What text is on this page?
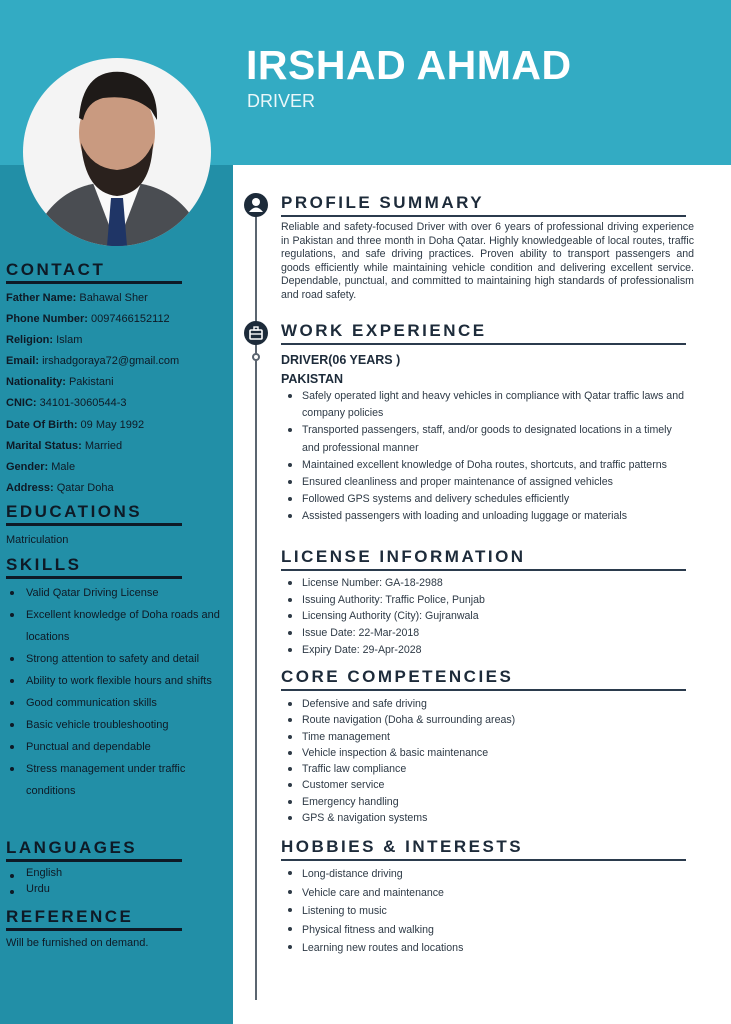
IRSHAD AHMAD
DRIVER
CONTACT
Father Name: Bahawal Sher
Phone Number: 0097466152112
Religion: Islam
Email: irshadgoraya72@gmail.com
Nationality: Pakistani
CNIC: 34101-3060544-3
Date Of Birth: 09 May 1992
Marital Status: Married
Gender: Male
Address: Qatar Doha
EDUCATIONS
Matriculation
SKILLS
Valid Qatar Driving License
Excellent knowledge of Doha roads and locations
Strong attention to safety and detail
Ability to work flexible hours and shifts
Good communication skills
Basic vehicle troubleshooting
Punctual and dependable
Stress management under traffic conditions
LANGUAGES
English
Urdu
REFERENCE
Will be furnished on demand.
PROFILE SUMMARY
Reliable and safety-focused Driver with over 6 years of professional driving experience in Pakistan and three month in Doha Qatar. Highly knowledgeable of local routes, traffic regulations, and safe driving practices. Proven ability to transport passengers and goods efficiently while maintaining vehicle condition and delivering excellent service. Dependable, punctual, and committed to maintaining high standards of professionalism and road safety.
WORK EXPERIENCE
DRIVER(06 YEARS )
PAKISTAN
Safely operated light and heavy vehicles in compliance with Qatar traffic laws and company policies
Transported passengers, staff, and/or goods to designated locations in a timely and professional manner
Maintained excellent knowledge of Doha routes, shortcuts, and traffic patterns
Ensured cleanliness and proper maintenance of assigned vehicles
Followed GPS systems and delivery schedules efficiently
Assisted passengers with loading and unloading luggage or materials
LICENSE INFORMATION
License Number: GA-18-2988
Issuing Authority: Traffic Police, Punjab
Licensing Authority (City): Gujranwala
Issue Date: 22-Mar-2018
Expiry Date: 29-Apr-2028
CORE COMPETENCIES
Defensive and safe driving
Route navigation (Doha & surrounding areas)
Time management
Vehicle inspection & basic maintenance
Traffic law compliance
Customer service
Emergency handling
GPS & navigation systems
HOBBIES & INTERESTS
Long-distance driving
Vehicle care and maintenance
Listening to music
Physical fitness and walking
Learning new routes and locations
